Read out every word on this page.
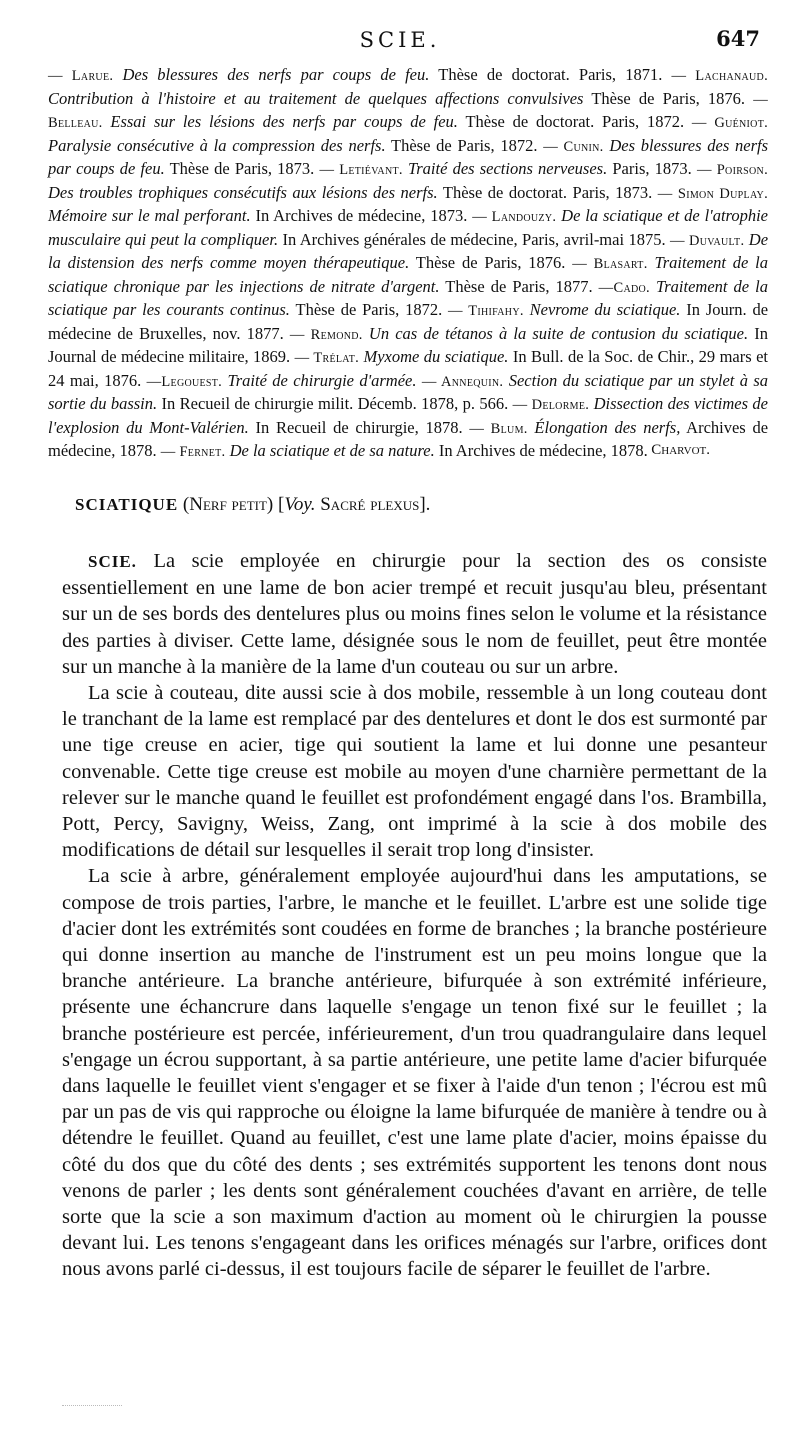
SCIE.	647
— Larue. Des blessures des nerfs par coups de feu. Thèse de doctorat. Paris, 1871. — Lachanaud. Contribution à l'histoire et au traitement de quelques affections convulsives Thèse de Paris, 1876. — Belleau. Essai sur les lésions des nerfs par coups de feu. Thèse de doctorat. Paris, 1872. — Guéniot. Paralysie consécutive à la compression des nerfs. Thèse de Paris, 1872. — Cunin. Des blessures des nerfs par coups de feu. Thèse de Paris, 1873. — Letiévant. Traité des sections nerveuses. Paris, 1873. — Poirson. Des troubles trophiques consécutifs aux lésions des nerfs. Thèse de doctorat. Paris, 1873. — Simon Duplay. Mémoire sur le mal perforant. In Archives de médecine, 1873. — Landouzy. De la sciatique et de l'atrophie musculaire qui peut la compliquer. In Archives générales de médecine, Paris, avril-mai 1875. — Duvault. De la distension des nerfs comme moyen thérapeutique. Thèse de Paris, 1876. — Blasart. Traitement de la sciatique chronique par les injections de nitrate d'argent. Thèse de Paris, 1877. —Cado. Traitement de la sciatique par les courants continus. Thèse de Paris, 1872. — Tihifahy. Nevrome du sciatique. In Journ. de médecine de Bruxelles, nov. 1877. — Remond. Un cas de tétanos à la suite de contusion du sciatique. In Journal de médecine militaire, 1869. — Trélat. Myxome du sciatique. In Bull. de la Soc. de Chir., 29 mars et 24 mai, 1876. —Legouest. Traité de chirurgie d'armée. — Annequin. Section du sciatique par un stylet à sa sortie du bassin. In Recueil de chirurgie milit. Décemb. 1878, p. 566. — Delorme. Dissection des victimes de l'explosion du Mont-Valérien. In Recueil de chirurgie, 1878. — Blum. Élongation des nerfs, Archives de médecine, 1878. — Fernet. De la sciatique et de sa nature. In Archives de médecine, 1878. Charvot.
SCIATIQUE (Nerf petit) [Voy. Sacré plexus].

SCIE. La scie employée en chirurgie pour la section des os consiste essentiellement en une lame de bon acier trempé et recuit jusqu'au bleu, présentant sur un de ses bords des dentelures plus ou moins fines selon le volume et la résistance des parties à diviser. Cette lame, désignée sous le nom de feuillet, peut être montée sur un manche à la manière de la lame d'un couteau ou sur un arbre.

La scie à couteau, dite aussi scie à dos mobile, ressemble à un long couteau dont le tranchant de la lame est remplacé par des dentelures et dont le dos est surmonté par une tige creuse en acier, tige qui soutient la lame et lui donne une pesanteur convenable. Cette tige creuse est mobile au moyen d'une charnière permettant de la relever sur le manche quand le feuillet est profondément engagé dans l'os. Brambilla, Pott, Percy, Savigny, Weiss, Zang, ont imprimé à la scie à dos mobile des modifications de détail sur lesquelles il serait trop long d'insister.

La scie à arbre, généralement employée aujourd'hui dans les amputations, se compose de trois parties, l'arbre, le manche et le feuillet. L'arbre est une solide tige d'acier dont les extrémités sont coudées en forme de branches ; la branche postérieure qui donne insertion au manche de l'instrument est un peu moins longue que la branche antérieure. La branche antérieure, bifurquée à son extrémité inférieure, présente une échancrure dans laquelle s'engage un tenon fixé sur le feuillet ; la branche postérieure est percée, inférieurement, d'un trou quadrangulaire dans lequel s'engage un écrou supportant, à sa partie antérieure, une petite lame d'acier bifurquée dans laquelle le feuillet vient s'engager et se fixer à l'aide d'un tenon ; l'écrou est mû par un pas de vis qui rapproche ou éloigne la lame bifurquée de manière à tendre ou à détendre le feuillet. Quand au feuillet, c'est une lame plate d'acier, moins épaisse du côté du dos que du côté des dents ; ses extrémités supportent les tenons dont nous venons de parler ; les dents sont généralement couchées d'avant en arrière, de telle sorte que la scie a son maximum d'action au moment où le chirurgien la pousse devant lui. Les tenons s'engageant dans les orifices ménagés sur l'arbre, orifices dont nous avons parlé ci-dessus, il est toujours facile de séparer le feuillet de l'arbre.
